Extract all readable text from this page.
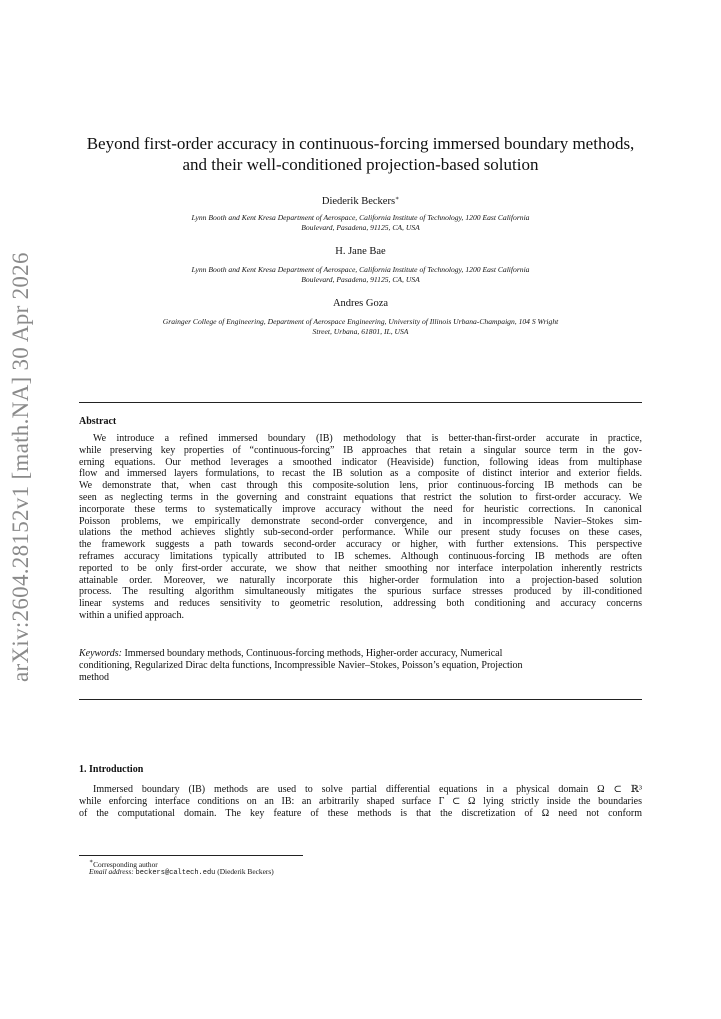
arXiv:2604.28152v1 [math.NA] 30 Apr 2026
Beyond first-order accuracy in continuous-forcing immersed boundary methods,
and their well-conditioned projection-based solution
Diederik Beckers∗
Lynn Booth and Kent Kresa Department of Aerospace, California Institute of Technology, 1200 East California
Boulevard, Pasadena, 91125, CA, USA
H. Jane Bae
Lynn Booth and Kent Kresa Department of Aerospace, California Institute of Technology, 1200 East California
Boulevard, Pasadena, 91125, CA, USA
Andres Goza
Grainger College of Engineering, Department of Aerospace Engineering, University of Illinois Urbana-Champaign, 104 S Wright
Street, Urbana, 61801, IL, USA
Abstract
We introduce a refined immersed boundary (IB) methodology that is better-than-first-order accurate in practice,
while preserving key properties of “continuous-forcing” IB approaches that retain a singular source term in the gov-
erning equations. Our method leverages a smoothed indicator (Heaviside) function, following ideas from multiphase
flow and immersed layers formulations, to recast the IB solution as a composite of distinct interior and exterior fields.
We demonstrate that, when cast through this composite-solution lens, prior continuous-forcing IB methods can be
seen as neglecting terms in the governing and constraint equations that restrict the solution to first-order accuracy. We
incorporate these terms to systematically improve accuracy without the need for heuristic corrections. In canonical
Poisson problems, we empirically demonstrate second-order convergence, and in incompressible Navier–Stokes sim-
ulations the method achieves slightly sub-second-order performance. While our present study focuses on these cases,
the framework suggests a path towards second-order accuracy or higher, with further extensions. This perspective
reframes accuracy limitations typically attributed to IB schemes. Although continuous-forcing IB methods are often
reported to be only first-order accurate, we show that neither smoothing nor interface interpolation inherently restricts
attainable order. Moreover, we naturally incorporate this higher-order formulation into a projection-based solution
process. The resulting algorithm simultaneously mitigates the spurious surface stresses produced by ill-conditioned
linear systems and reduces sensitivity to geometric resolution, addressing both conditioning and accuracy concerns
within a unified approach.
Keywords: Immersed boundary methods, Continuous-forcing methods, Higher-order accuracy, Numerical
conditioning, Regularized Dirac delta functions, Incompressible Navier–Stokes, Poisson’s equation, Projection
method
1. Introduction
Immersed boundary (IB) methods are used to solve partial differential equations in a physical domain Ω ⊂ ℝ³
while enforcing interface conditions on an IB: an arbitrarily shaped surface Γ ⊂ Ω lying strictly inside the boundaries
of the computational domain. The key feature of these methods is that the discretization of Ω need not conform
∗Corresponding author
Email address: beckers@caltech.edu (Diederik Beckers)
